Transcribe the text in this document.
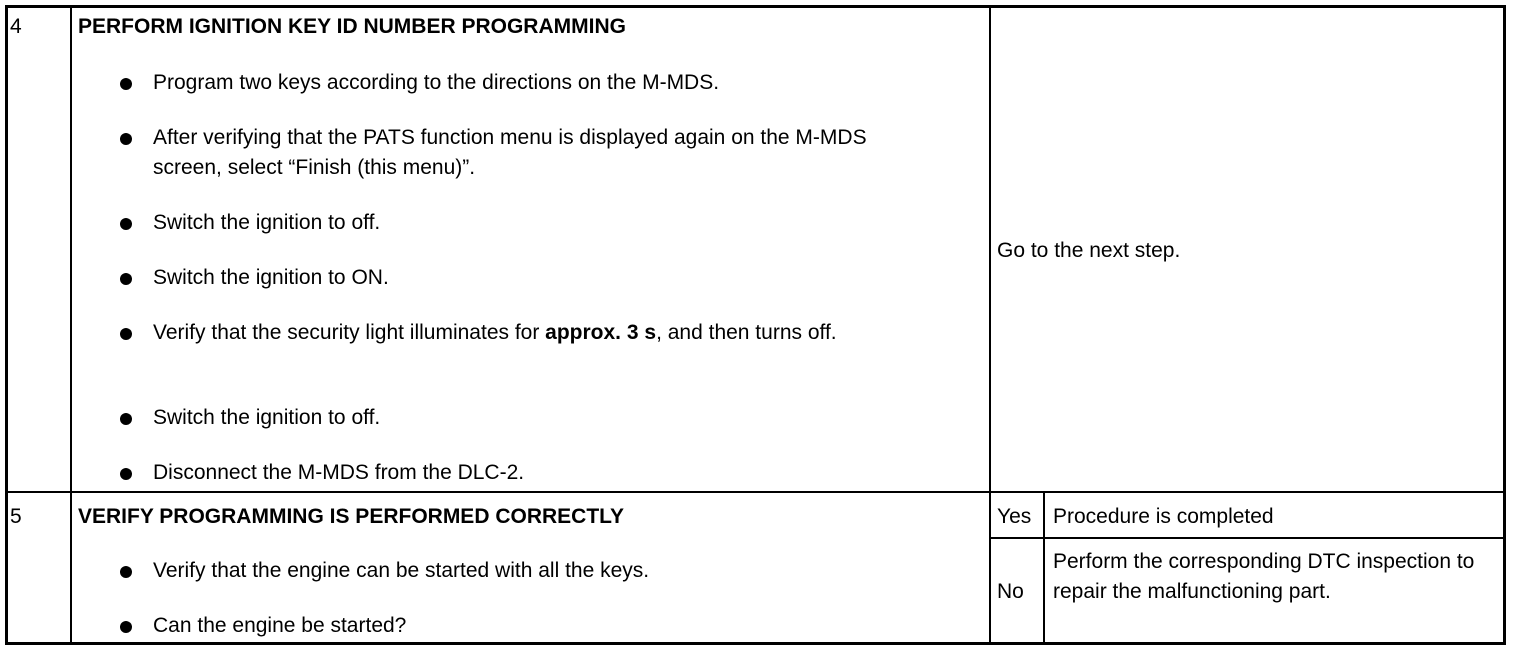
4	PERFORM IGNITION KEY ID NUMBER PROGRAMMING
Program two keys according to the directions on the M-MDS.
After verifying that the PATS function menu is displayed again on the M-MDS screen, select “Finish (this menu)”.
Switch the ignition to off.
Switch the ignition to ON.
Verify that the security light illuminates for approx. 3 s, and then turns off.
Switch the ignition to off.
Disconnect the M-MDS from the DLC-2.
Go to the next step.
5	VERIFY PROGRAMMING IS PERFORMED CORRECTLY
Verify that the engine can be started with all the keys.
Can the engine be started?
Yes Procedure is completed
No
Perform the corresponding DTC inspection to repair the malfunctioning part.
